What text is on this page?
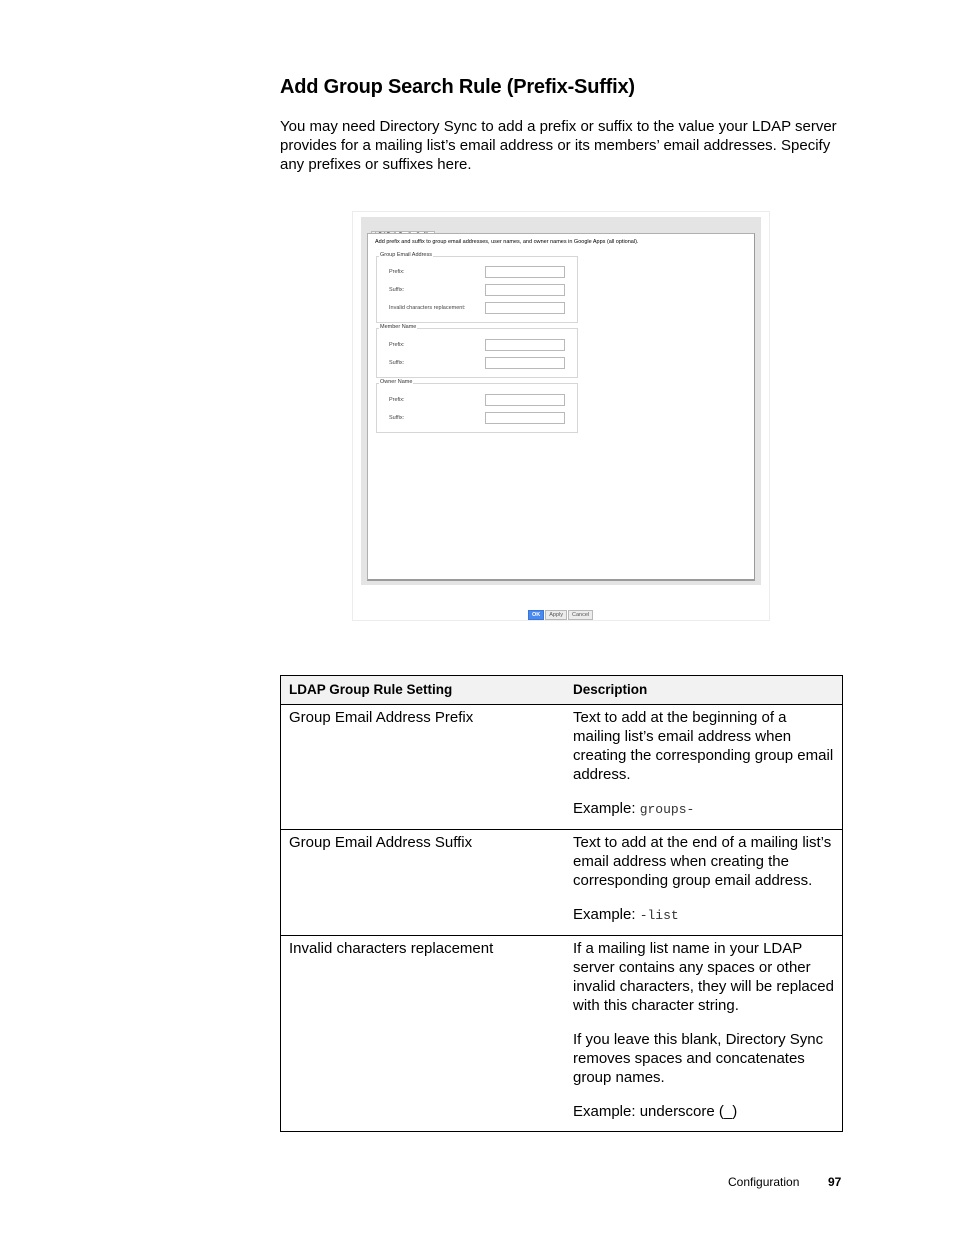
Add Group Search Rule (Prefix-Suffix)

You may need Directory Sync to add a prefix or suffix to the value your LDAP server provides for a mailing list’s email address or its members’ email addresses. Specify any prefixes or suffixes here.

Add prefix and suffix to group email addresses, user names, and owner names in Google Apps (all optional).
Group Email Address
Prefix:
Suffix:
Invalid characters replacement:
Member Name
Prefix:
Suffix:
Owner Name
Prefix:
Suffix:
OK Apply Cancel
LDAP Group Rule Setting	Description
Group Email Address Prefix	Text to add at the beginning of a mailing list’s email address when creating the corresponding group email address.

Example: groups-

Group Email Address Suffix	Text to add at the end of a mailing list’s email address when creating the corresponding group email address.

Example: -list

Invalid characters replacement	If a mailing list name in your LDAP server contains any spaces or other invalid characters, they will be replaced with this character string.

If you leave this blank, Directory Sync removes spaces and concatenates group names.

Example: underscore (_)

Configuration 97
